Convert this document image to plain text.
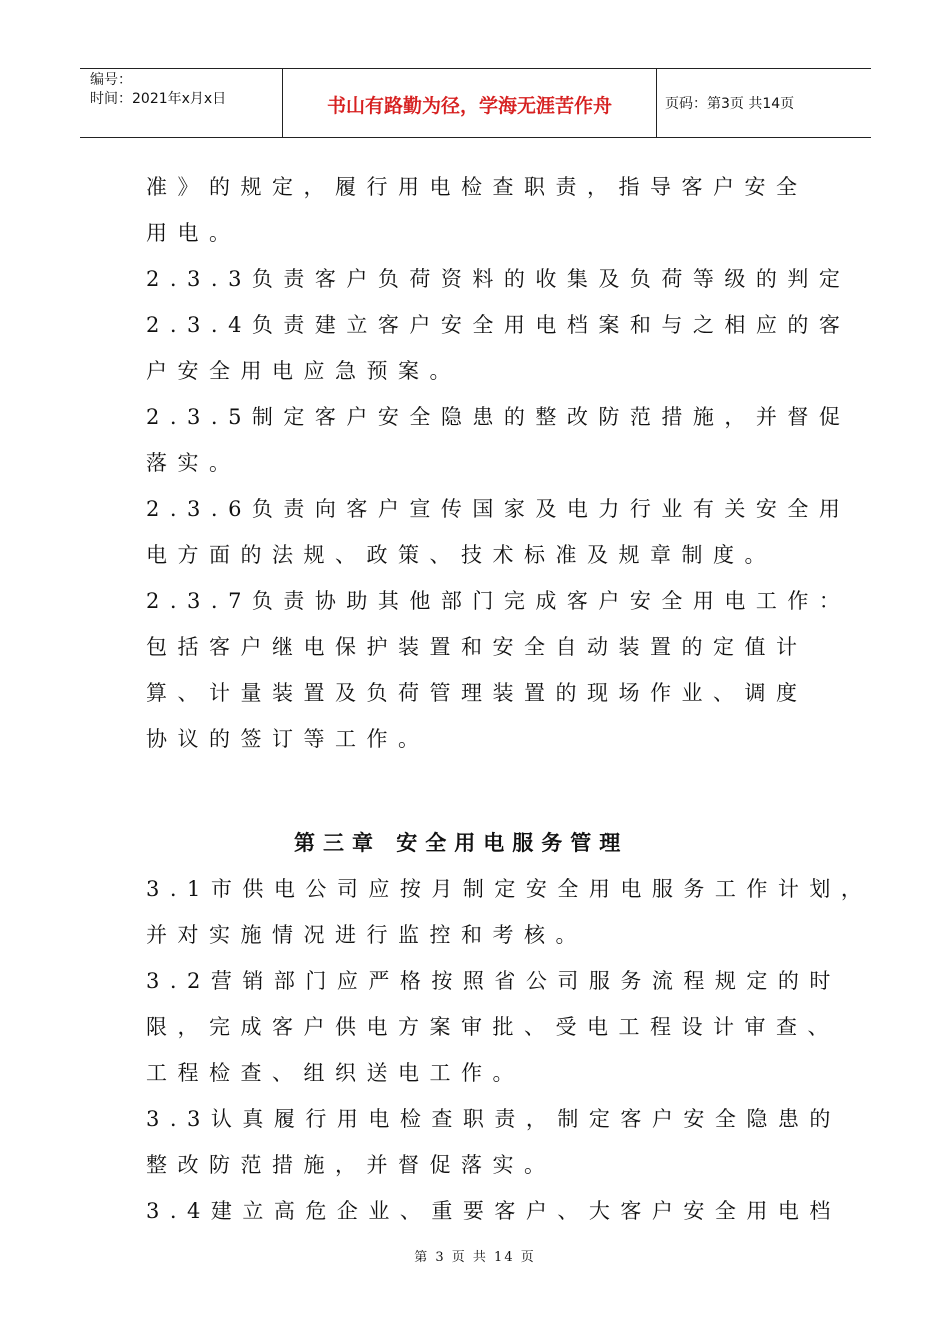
编号：
时间：2021年x月x日	书山有路勤为径，学海无涯苦作舟	页码：第3页 共14页
准》的规定，履行用电检查职责，指导客户安全
用电。
2.3.3负责客户负荷资料的收集及负荷等级的判定
2.3.4负责建立客户安全用电档案和与之相应的客
户安全用电应急预案。
2.3.5制定客户安全隐患的整改防范措施，并督促
落实。
2.3.6负责向客户宣传国家及电力行业有关安全用
电方面的法规、政策、技术标准及规章制度。
2.3.7负责协助其他部门完成客户安全用电工作：
包括客户继电保护装置和安全自动装置的定值计
算、计量装置及负荷管理装置的现场作业、调度
协议的签订等工作。
第三章 安全用电服务管理
3.1市供电公司应按月制定安全用电服务工作计划，
并对实施情况进行监控和考核。
3.2营销部门应严格按照省公司服务流程规定的时
限，完成客户供电方案审批、受电工程设计审查、
工程检查、组织送电工作。
3.3认真履行用电检查职责，制定客户安全隐患的
整改防范措施，并督促落实。
3.4建立高危企业、重要客户、大客户安全用电档
第 3 页 共 14 页
